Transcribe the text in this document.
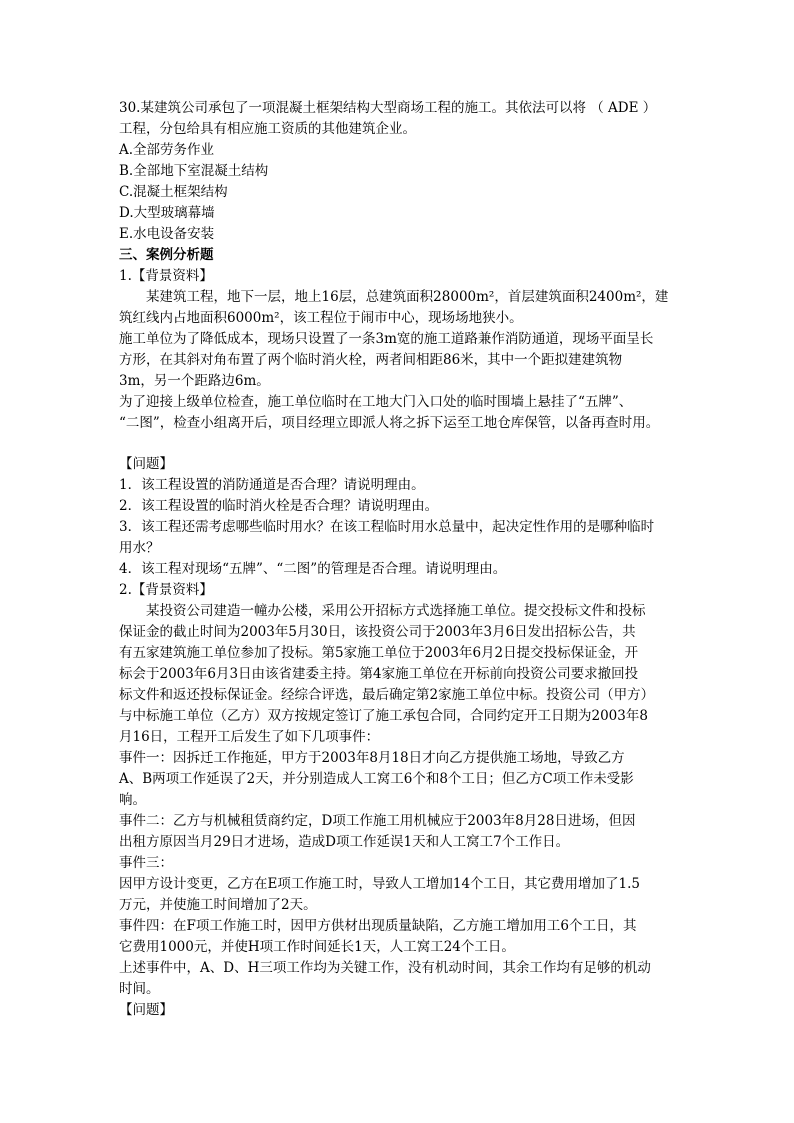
30.某建筑公司承包了一项混凝土框架结构大型商场工程的施工。其依法可以将 （ ADE ）
工程，分包给具有相应施工资质的其他建筑企业。
A.全部劳务作业
B.全部地下室混凝土结构
C.混凝土框架结构
D.大型玻璃幕墙
E.水电设备安装
三、案例分析题
1.【背景资料】
　　某建筑工程，地下一层，地上16层，总建筑面积28000m²，首层建筑面积2400m²，建
筑红线内占地面积6000m²，该工程位于闹市中心，现场场地狭小。
施工单位为了降低成本，现场只设置了一条3m宽的施工道路兼作消防通道，现场平面呈长
方形，在其斜对角布置了两个临时消火栓，两者间相距86米，其中一个距拟建建筑物
3m，另一个距路边6m。
为了迎接上级单位检查，施工单位临时在工地大门入口处的临时围墙上悬挂了“五牌”、
“二图”，检查小组离开后，项目经理立即派人将之拆下运至工地仓库保管，以备再查时用。
【问题】
1．该工程设置的消防通道是否合理？请说明理由。
2．该工程设置的临时消火栓是否合理？请说明理由。
3．该工程还需考虑哪些临时用水？在该工程临时用水总量中，起决定性作用的是哪种临时
用水？
4．该工程对现场“五牌”、“二图”的管理是否合理。请说明理由。
2.【背景资料】
　　某投资公司建造一幢办公楼，采用公开招标方式选择施工单位。提交投标文件和投标
保证金的截止时间为2003年5月30日，该投资公司于2003年3月6日发出招标公告，共
有五家建筑施工单位参加了投标。第5家施工单位于2003年6月2日提交投标保证金，开
标会于2003年6月3日由该省建委主持。第4家施工单位在开标前向投资公司要求撤回投
标文件和返还投标保证金。经综合评选，最后确定第2家施工单位中标。投资公司（甲方）
与中标施工单位（乙方）双方按规定签订了施工承包合同，合同约定开工日期为2003年8
月16日，工程开工后发生了如下几项事件：
事件一：因拆迁工作拖延，甲方于2003年8月18日才向乙方提供施工场地，导致乙方
A、B两项工作延误了2天，并分别造成人工窝工6个和8个工日；但乙方C项工作未受影
响。
事件二：乙方与机械租赁商约定，D项工作施工用机械应于2003年8月28日进场，但因
出租方原因当月29日才进场，造成D项工作延误1天和人工窝工7个工作日。
事件三：
因甲方设计变更，乙方在E项工作施工时，导致人工增加14个工日，其它费用增加了1.5
万元，并使施工时间增加了2天。
事件四：在F项工作施工时，因甲方供材出现质量缺陷，乙方施工增加用工6个工日，其
它费用1000元，并使H项工作时间延长1天，人工窝工24个工日。
上述事件中，A、D、H三项工作均为关键工作，没有机动时间，其余工作均有足够的机动
时间。
【问题】
